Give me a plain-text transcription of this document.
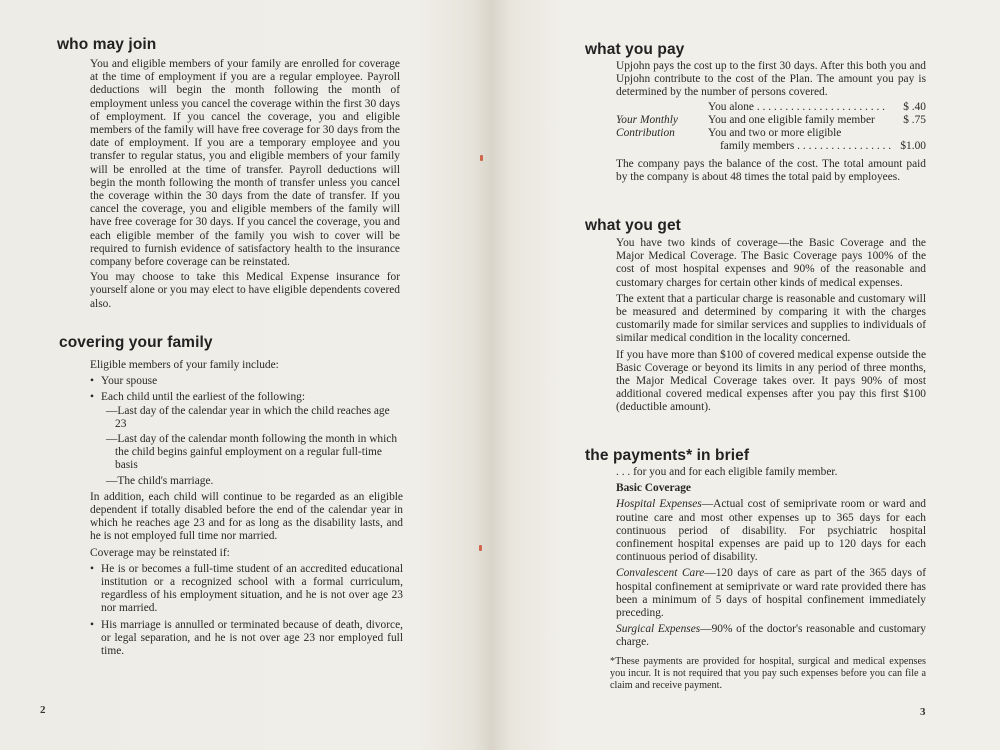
who may join

You and eligible members of your family are enrolled for coverage at the time of employment if you are a regular employee. Payroll deductions will begin the month following the month of employment unless you cancel the coverage within the first 30 days of employment. If you cancel the coverage, you and eligible members of the family will have free coverage for 30 days from the date of employment. If you are a temporary employee and you transfer to regular status, you and eligible members of your family will be enrolled at the time of transfer. Payroll deductions will begin the month following the month of transfer unless you cancel the coverage within the 30 days from the date of transfer. If you cancel the coverage, you and eligible members of the family will have free coverage for 30 days. If you cancel the coverage, you and each eligible member of the family you wish to cover will be required to furnish evidence of satisfactory health to the insurance company before coverage can be reinstated.

You may choose to take this Medical Expense insurance for yourself alone or you may elect to have eligible dependents covered also.

covering your family

Eligible members of your family include:

• Your spouse

• Each child until the earliest of the following:

—Last day of the calendar year in which the child reaches age 23

—Last day of the calendar month following the month in which the child begins gainful employment on a regular full-time basis

—The child's marriage.

In addition, each child will continue to be regarded as an eligible dependent if totally disabled before the end of the calendar year in which he reaches age 23 and for as long as the disability lasts, and he is not employed full time nor married.

Coverage may be reinstated if:

• He is or becomes a full-time student of an accredited educational institution or a recognized school with a formal curriculum, regardless of his employment situation, and he is not over age 23 nor married.

• His marriage is annulled or terminated because of death, divorce, or legal separation, and he is not over age 23 nor employed full time.

2
what you pay

Upjohn pays the cost up to the first 30 days. After this both you and Upjohn contribute to the cost of the Plan. The amount you pay is determined by the number of persons covered.

Your Monthly
Contribution
You alone . . . . . . . . . . . . . . . . . . . . . . . $ .40
You and one eligible family member $ .75
You and two or more eligible
family members . . . . . . . . . . . . . . . . . $1.00

The company pays the balance of the cost. The total amount paid by the company is about 48 times the total paid by employees.

what you get

You have two kinds of coverage—the Basic Coverage and the Major Medical Coverage. The Basic Coverage pays 100% of the cost of most hospital expenses and 90% of the reasonable and customary charges for certain other kinds of medical expenses.

The extent that a particular charge is reasonable and customary will be measured and determined by comparing it with the charges customarily made for similar services and supplies to individuals of similar medical condition in the locality concerned.

If you have more than $100 of covered medical expense outside the Basic Coverage or beyond its limits in any period of three months, the Major Medical Coverage takes over. It pays 90% of most additional covered medical expenses after you pay this first $100 (deductible amount).

the payments* in brief

. . . for you and for each eligible family member.

Basic Coverage

Hospital Expenses—Actual cost of semiprivate room or ward and routine care and most other expenses up to 365 days for each continuous period of disability. For psychiatric hospital confinement hospital expenses are paid up to 120 days for each continuous period of disability.

Convalescent Care—120 days of care as part of the 365 days of hospital confinement at semiprivate or ward rate provided there has been a minimum of 5 days of hospital confinement immediately preceding.

Surgical Expenses—90% of the doctor's reasonable and customary charge.

*These payments are provided for hospital, surgical and medical expenses you incur. It is not required that you pay such expenses before you can file a claim and receive payment.

3
